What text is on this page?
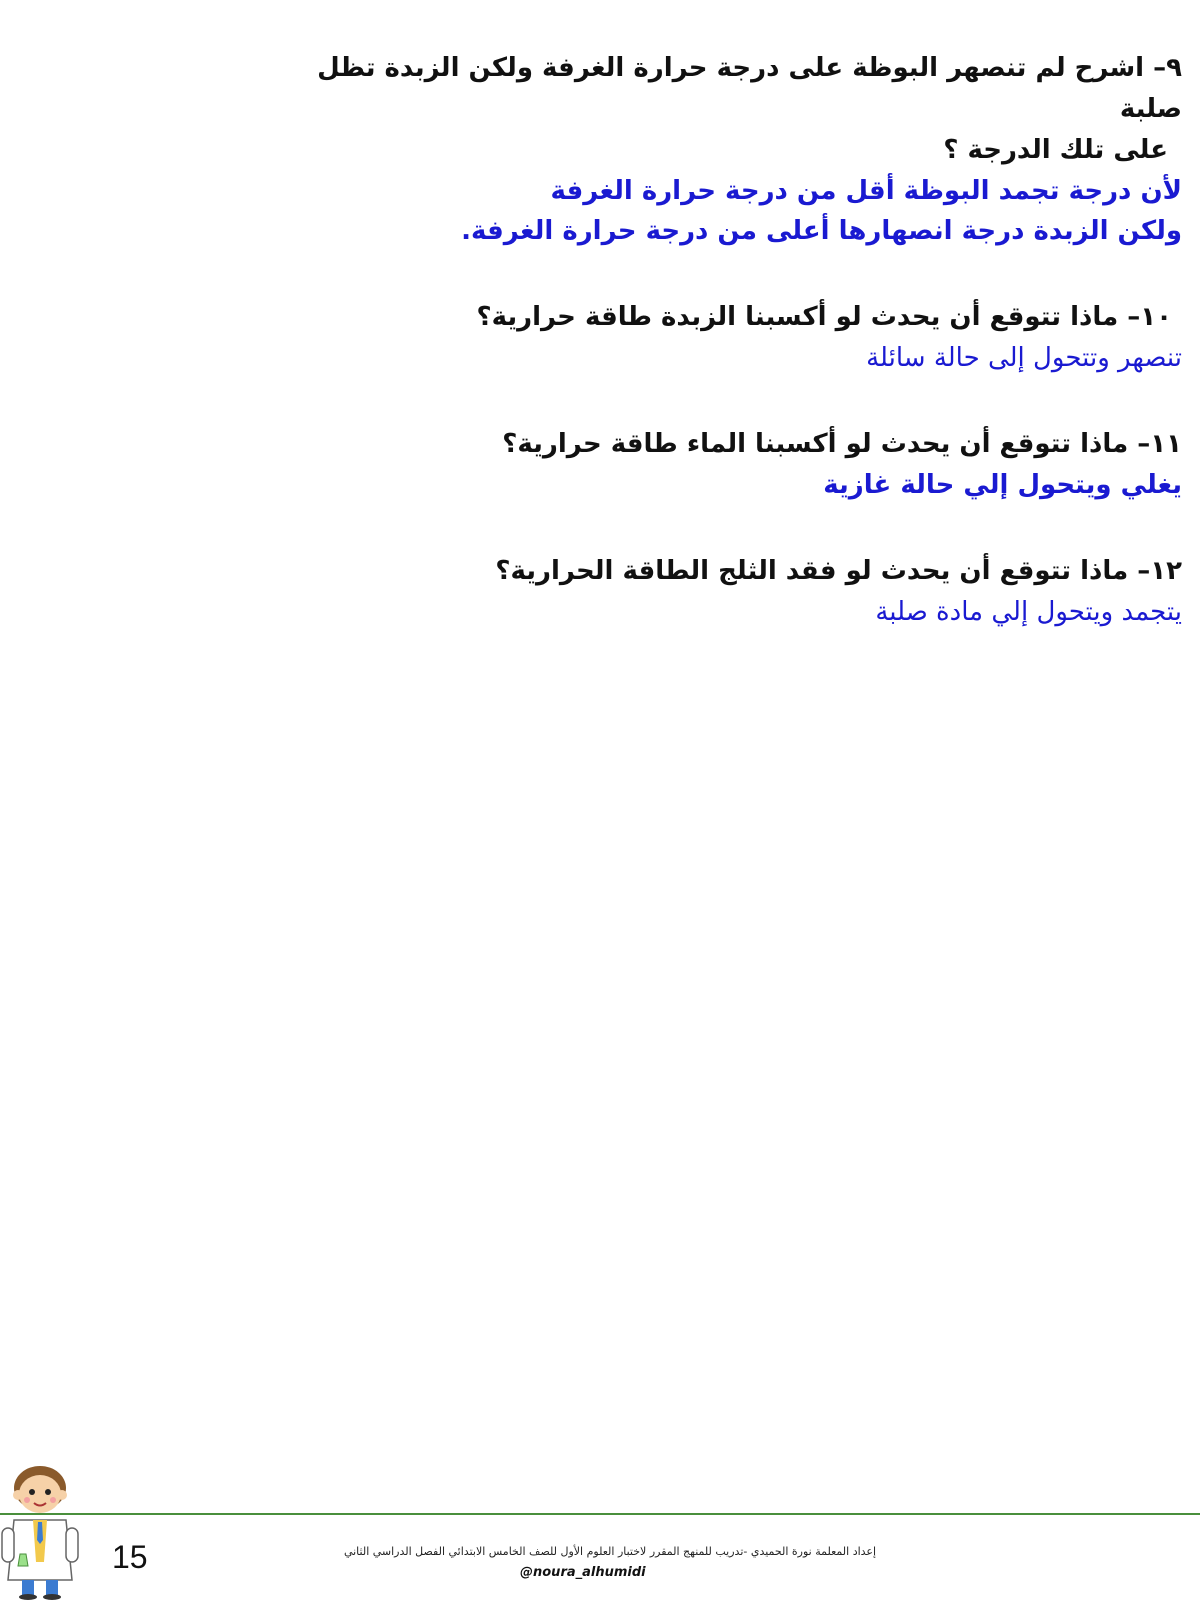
٩– اشرح لم تنصهر البوظة على درجة حرارة الغرفة ولكن الزبدة تظل صلبة
على تلك الدرجة ؟

لأن درجة تجمد البوظة أقل من درجة حرارة الغرفة
ولكن الزبدة درجة انصهارها أعلى من درجة حرارة الغرفة.

١٠– ماذا تتوقع أن يحدث لو أكسبنا الزبدة طاقة حرارية؟

تنصهر وتتحول إلى حالة سائلة

١١– ماذا تتوقع أن يحدث لو أكسبنا الماء طاقة حرارية؟

يغلي ويتحول إلي حالة غازية

١٢– ماذا تتوقع أن يحدث لو فقد الثلج الطاقة الحرارية؟

يتجمد ويتحول إلي مادة صلبة

15	إعداد المعلمة نورة الحميدي -تدريب للمنهج المقرر لاختبار العلوم الأول للصف الخامس الابتدائي الفصل الدراسي الثاني
@noura_alhumidi
